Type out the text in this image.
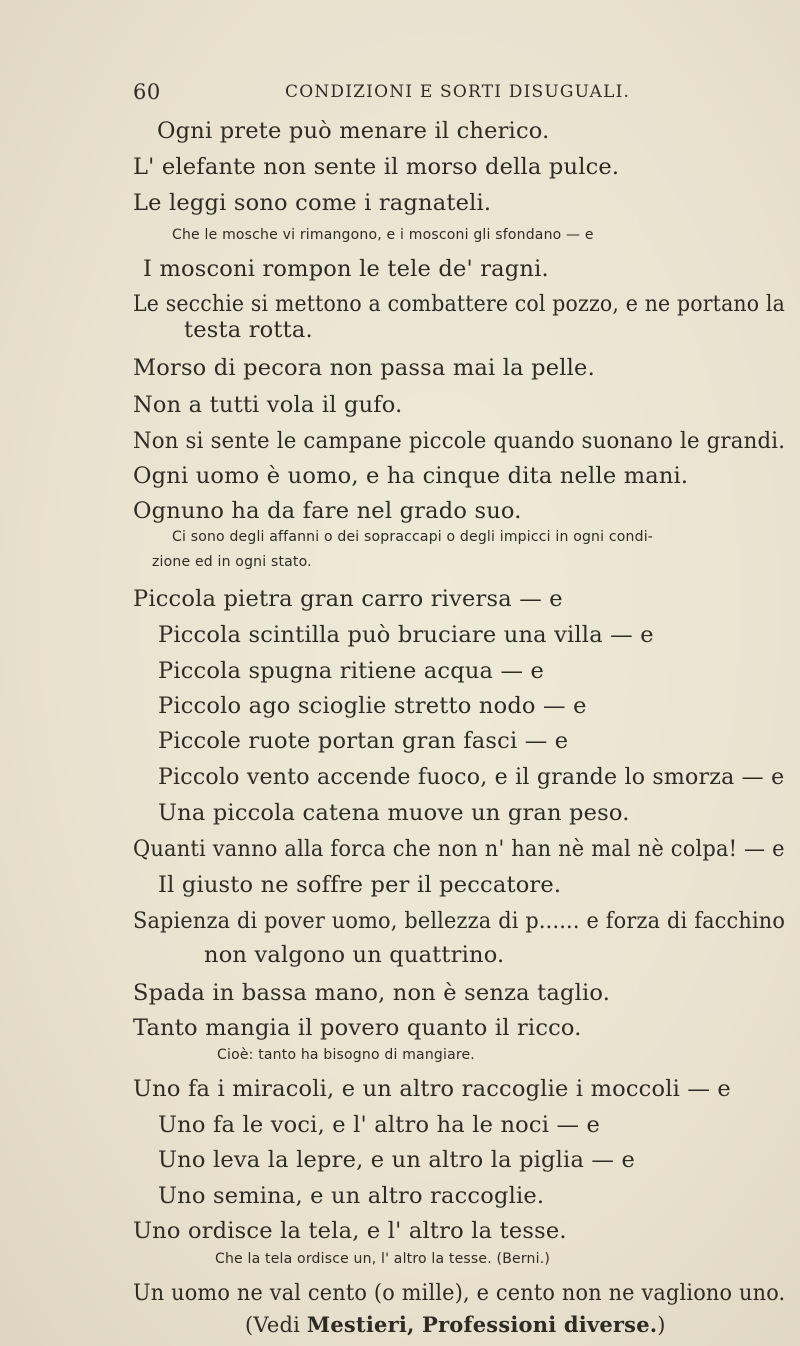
60	CONDIZIONI E SORTI DISUGUALI.
Ogni prete può menare il cherico.
L' elefante non sente il morso della pulce.
Le leggi sono come i ragnateli.
Che le mosche vi rimangono, e i mosconi gli sfondano — e
I mosconi rompon le tele de' ragni.
Le secchie si mettono a combattere col pozzo, e ne portano la
testa rotta.
Morso di pecora non passa mai la pelle.
Non a tutti vola il gufo.
Non si sente le campane piccole quando suonano le grandi.
Ogni uomo è uomo, e ha cinque dita nelle mani.
Ognuno ha da fare nel grado suo.
Ci sono degli affanni o dei sopraccapi o degli impicci in ogni condi-
zione ed in ogni stato.
Piccola pietra gran carro riversa — e
Piccola scintilla può bruciare una villa — e
Piccola spugna ritiene acqua — e
Piccolo ago scioglie stretto nodo — e
Piccole ruote portan gran fasci — e
Piccolo vento accende fuoco, e il grande lo smorza — e
Una piccola catena muove un gran peso.
Quanti vanno alla forca che non n' han nè mal nè colpa! — e
Il giusto ne soffre per il peccatore.
Sapienza di pover uomo, bellezza di p...... e forza di facchino
non valgono un quattrino.
Spada in bassa mano, non è senza taglio.
Tanto mangia il povero quanto il ricco.
Cioè: tanto ha bisogno di mangiare.
Uno fa i miracoli, e un altro raccoglie i moccoli — e
Uno fa le voci, e l' altro ha le noci — e
Uno leva la lepre, e un altro la piglia — e
Uno semina, e un altro raccoglie.
Uno ordisce la tela, e l' altro la tesse.
Che la tela ordisce un, l' altro la tesse. (Berni.)
Un uomo ne val cento (o mille), e cento non ne vagliono uno.
(Vedi Mestieri, Professioni diverse.)
